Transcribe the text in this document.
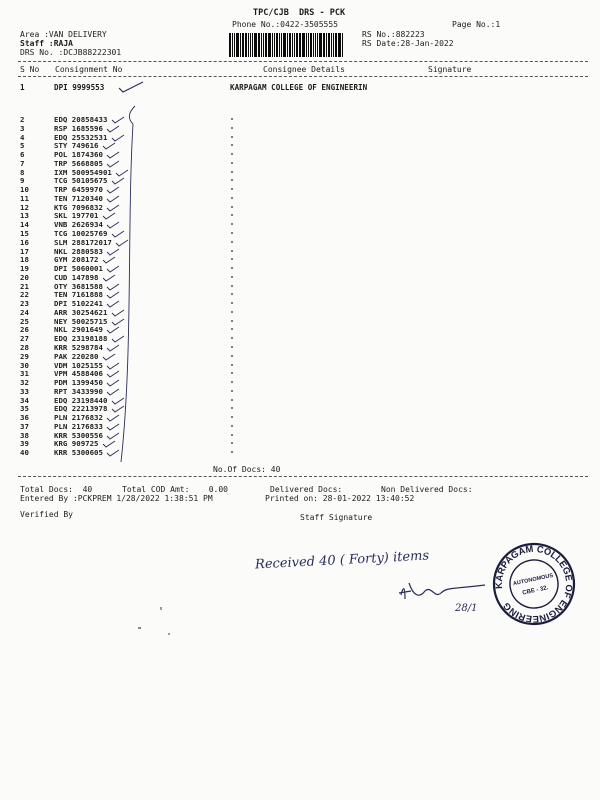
TPC/CJB  DRS - PCK
Phone No.:0422-3505555	Page No.:1
Area :VAN DELIVERY
Staff :RAJA
DRS No. :DCJB88222301
RS No.:882223
RS Date:28-Jan-2022
S No Consignment No	Consignee Details	Signature
1	DPI 9999553	KARPAGAM COLLEGE OF ENGINEERIN
2	EDQ 20858433
3	RSP 1685596
4	EDQ 25532531
5	STY 749616
6	POL 1874360
7	TRP 5668805
8	IXM 500954901
9	TCG 50105675
10	TRP 6459970
11	TEN 7120340
12	KTG 7096832
13	SKL 197701
14	VNB 2626934
15	TCG 10025769
16	SLM 288172017
17	NKL 2880583
18	GYM 208172
19	DPI 5060001
20	CUD 147898
21	OTY 3681588
22	TEN 7161888
23	DPI 5102241
24	ARR 30254621
25	NEY 50025715
26	NKL 2901649
27	EDQ 23198188
28	KRR 5298784
29	PAK 220280
30	VDM 1025155
31	VPM 4588406
32	PDM 1399450
33	RPT 3433990
34	EDQ 23198440
35	EDQ 22213978
36	PLN 2176832
37	PLN 2176833
38	KRR 5300556
39	KRG 909725
40	KRR 5300605
No.Of Docs: 40
Total Docs:  40	Total COD Amt:    0.00	Delivered Docs:	Non Delivered Docs:
Entered By :PCKPREM 1/28/2022 1:38:51 PM	Printed on: 28-01-2022 13:40:52
Verified By	Staff Signature
Received 40 ( Forty) items
28/1
KARPAGAM COLLEGE OF ENGINEERING
AUTONOMOUS
CBE - 32.
